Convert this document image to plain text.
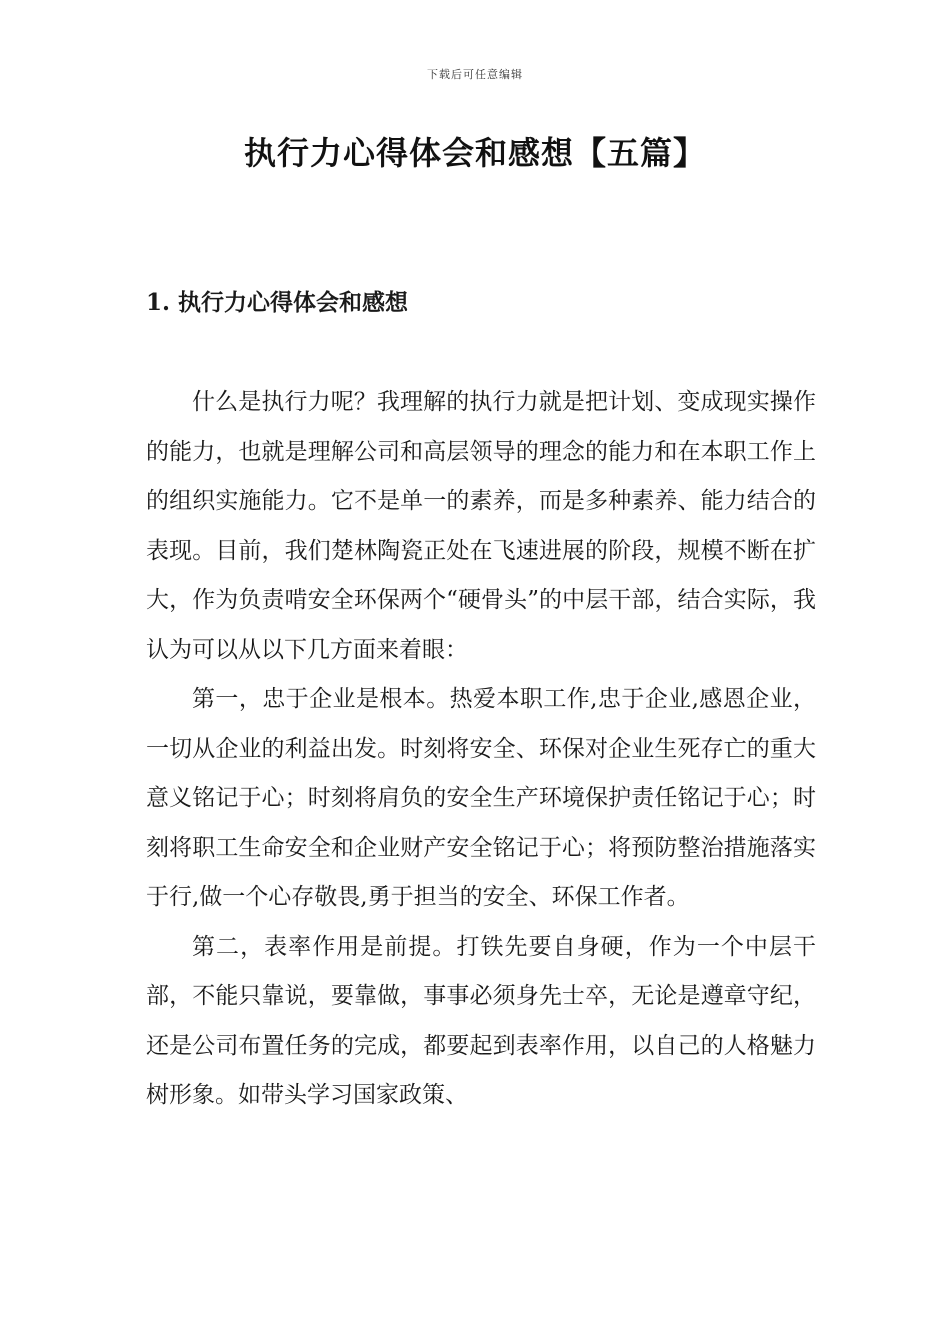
下载后可任意编辑
执行力心得体会和感想【五篇】
1. 执行力心得体会和感想

什么是执行力呢？我理解的执行力就是把计划、变成现实操作的能力，也就是理解公司和高层领导的理念的能力和在本职工作上的组织实施能力。它不是单一的素养，而是多种素养、能力结合的表现。目前，我们楚林陶瓷正处在飞速进展的阶段，规模不断在扩大，作为负责啃安全环保两个“硬骨头”的中层干部，结合实际，我认为可以从以下几方面来着眼：

第一，忠于企业是根本。热爱本职工作,忠于企业,感恩企业，一切从企业的利益出发。时刻将安全、环保对企业生死存亡的重大意义铭记于心；时刻将肩负的安全生产环境保护责任铭记于心；时刻将职工生命安全和企业财产安全铭记于心；将预防整治措施落实于行,做一个心存敬畏,勇于担当的安全、环保工作者。

第二，表率作用是前提。打铁先要自身硬，作为一个中层干部，不能只靠说，要靠做，事事必须身先士卒，无论是遵章守纪，还是公司布置任务的完成，都要起到表率作用，以自己的人格魅力树形象。如带头学习国家政策、
